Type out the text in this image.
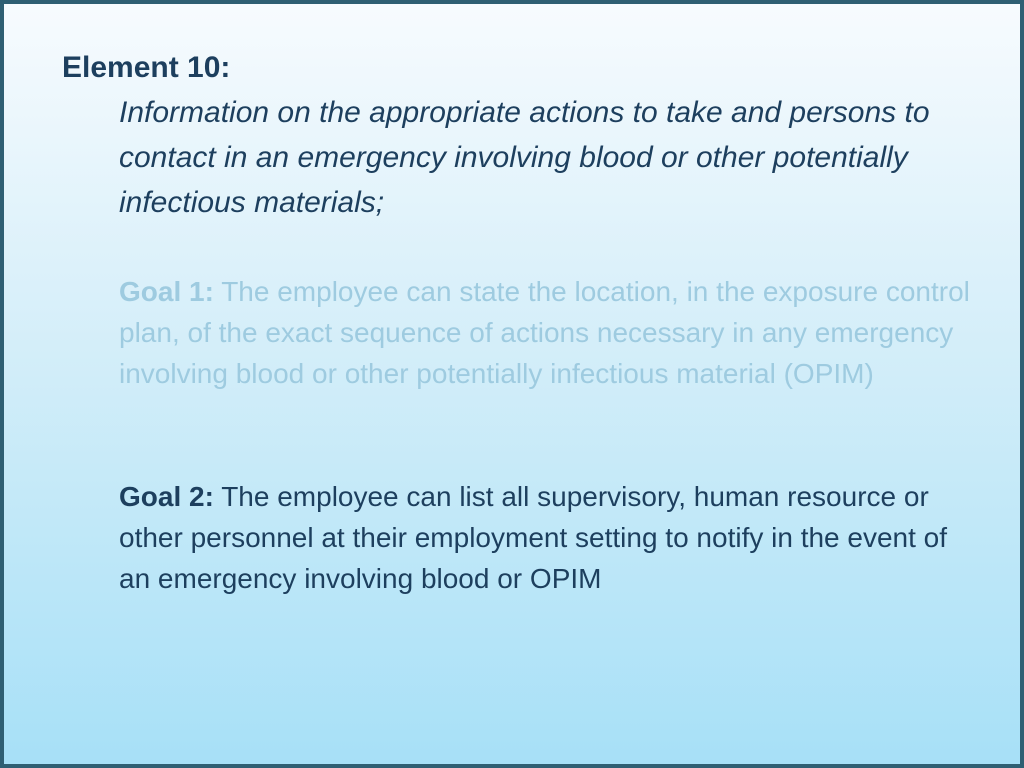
Element 10:

Information on the appropriate actions to take and persons to contact in an emergency involving blood or other potentially infectious materials;

Goal 1: The employee can state the location, in the exposure control plan, of the exact sequence of actions necessary in any emergency involving blood or other potentially infectious material (OPIM)

Goal 2: The employee can list all supervisory, human resource or other personnel at their employment setting to notify in the event of an emergency involving blood or OPIM
